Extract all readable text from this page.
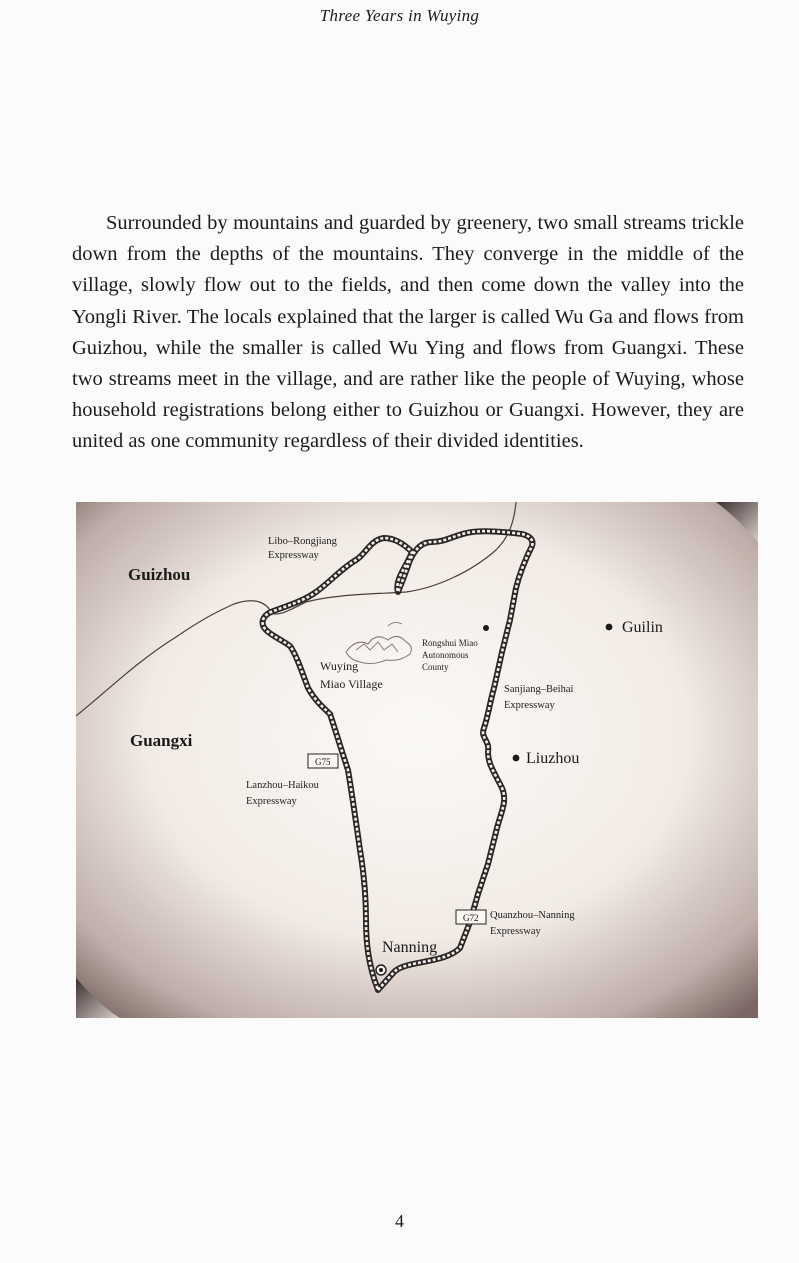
Three Years in Wuying

Surrounded by mountains and guarded by greenery, two small streams trickle down from the depths of the mountains. They converge in the middle of the village, slowly flow out to the fields, and then come down the valley into the Yongli River. The locals explained that the larger is called Wu Ga and flows from Guizhou, while the smaller is called Wu Ying and flows from Guangxi. These two streams meet in the village, and are rather like the people of Wuying, whose household registrations belong either to Guizhou or Guangxi. However, they are united as one community regardless of their divided identities.

Guizhou
Guangxi
Libo–Rongjiang
Expressway
Sanjiang–Beihai
Expressway
Lanzhou–Haikou
Expressway
Quanzhou–Nanning
Expressway
G75
G72
Wuying
Miao Village
Rongshui Miao
Autonomous
County
Guilin
Liuzhou
Nanning
4
